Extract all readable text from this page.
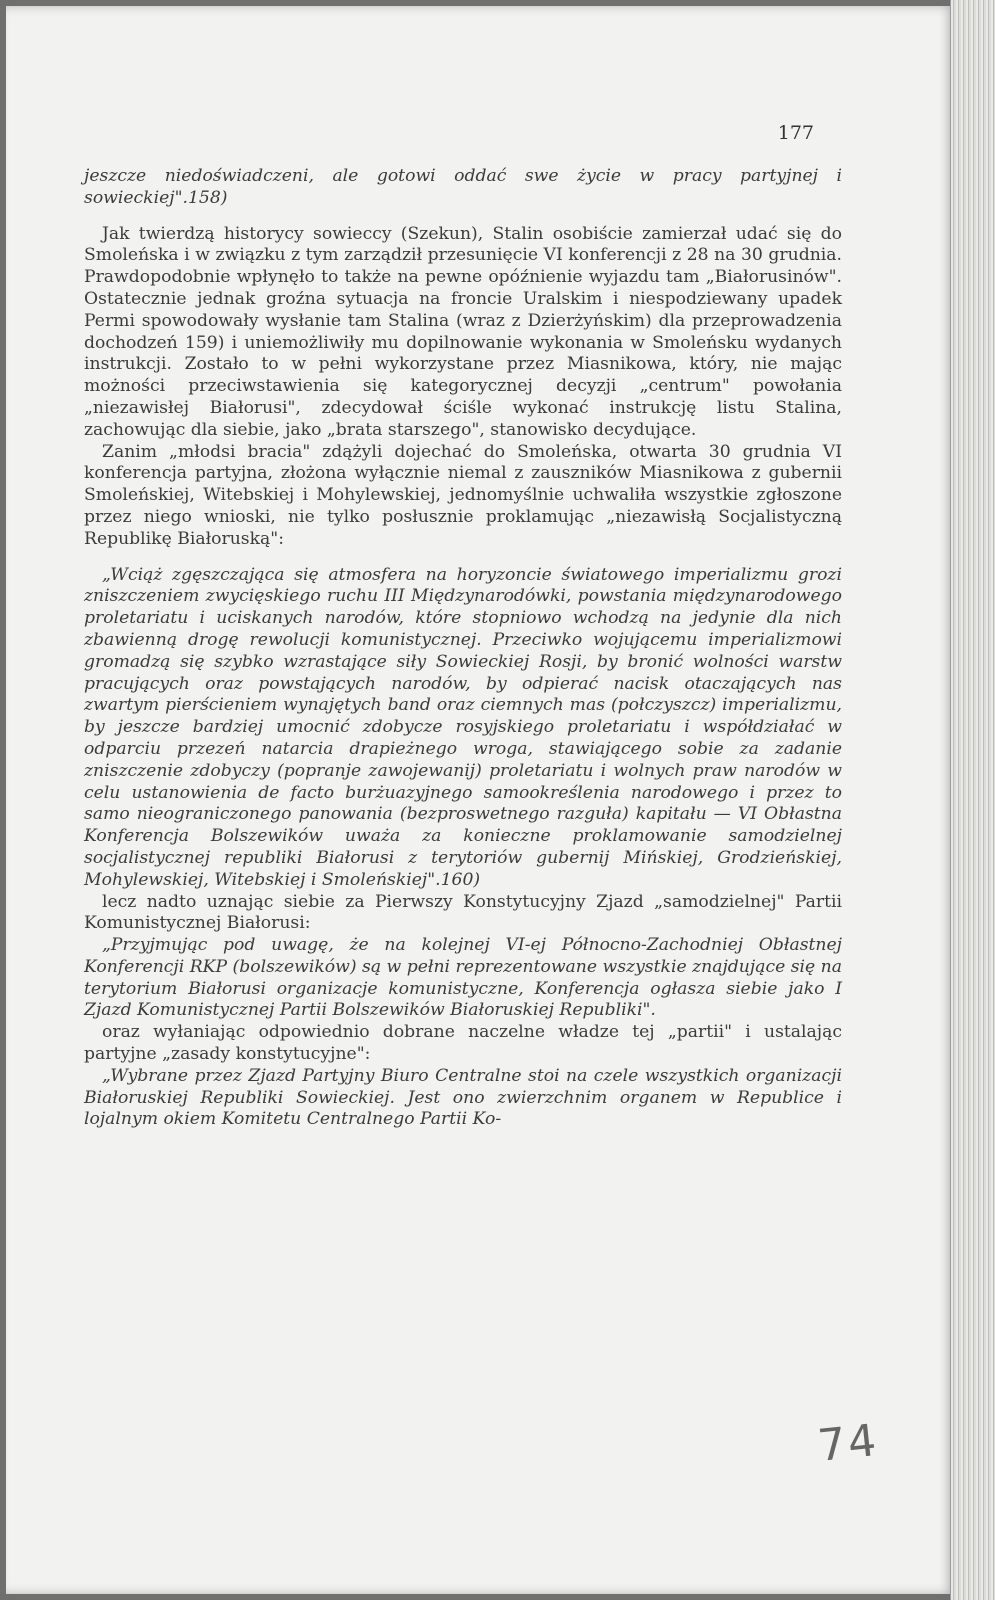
177

jeszcze niedoświadczeni, ale gotowi oddać swe życie w pracy partyjnej i sowieckiej".158)

Jak twierdzą historycy sowieccy (Szekun), Stalin osobiście zamierzał udać się do Smoleńska i w związku z tym zarządził przesunięcie VI konferencji z 28 na 30 grudnia. Prawdopodobnie wpłynęło to także na pewne opóźnienie wyjazdu tam „Białorusinów". Ostatecznie jednak groźna sytuacja na froncie Uralskim i niespodziewany upadek Permi spowodowały wysłanie tam Stalina (wraz z Dzierżyńskim) dla przeprowadzenia dochodzeń 159) i uniemożliwiły mu dopilnowanie wykonania w Smoleńsku wydanych instrukcji. Zostało to w pełni wykorzystane przez Miasnikowa, który, nie mając możności przeciwstawienia się kategorycznej decyzji „centrum" powołania „niezawisłej Białorusi", zdecydował ściśle wykonać instrukcję listu Stalina, zachowując dla siebie, jako „brata starszego", stanowisko decydujące.

Zanim „młodsi bracia" zdążyli dojechać do Smoleńska, otwarta 30 grudnia VI konferencja partyjna, złożona wyłącznie niemal z zauszników Miasnikowa z gubernii Smoleńskiej, Witebskiej i Mohylewskiej, jednomyślnie uchwaliła wszystkie zgłoszone przez niego wnioski, nie tylko posłusznie proklamując „niezawisłą Socjalistyczną Republikę Białoruską":

„Wciąż zgęszczająca się atmosfera na horyzoncie światowego imperializmu grozi zniszczeniem zwycięskiego ruchu III Międzynarodówki, powstania międzynarodowego proletariatu i uciskanych narodów, które stopniowo wchodzą na jedynie dla nich zbawienną drogę rewolucji komunistycznej. Przeciwko wojującemu imperializmowi gromadzą się szybko wzrastające siły Sowieckiej Rosji, by bronić wolności warstw pracujących oraz powstających narodów, by odpierać nacisk otaczających nas zwartym pierścieniem wynajętych band oraz ciemnych mas (połczyszcz) imperializmu, by jeszcze bardziej umocnić zdobycze rosyjskiego proletariatu i współdziałać w odparciu przezeń natarcia drapieżnego wroga, stawiającego sobie za zadanie zniszczenie zdobyczy (popranje zawojewanij) proletariatu i wolnych praw narodów w celu ustanowienia de facto burżuazyjnego samookreślenia narodowego i przez to samo nieograniczonego panowania (bezproswetnego razguła) kapitału — VI Obłastna Konferencja Bolszewików uważa za konieczne proklamowanie samodzielnej socjalistycznej republiki Białorusi z terytoriów gubernij Mińskiej, Grodzieńskiej, Mohylewskiej, Witebskiej i Smoleńskiej".160)

lecz nadto uznając siebie za Pierwszy Konstytucyjny Zjazd „samodzielnej" Partii Komunistycznej Białorusi:

„Przyjmując pod uwagę, że na kolejnej VI-ej Północno-Zachodniej Obłastnej Konferencji RKP (bolszewików) są w pełni reprezentowane wszystkie znajdujące się na terytorium Białorusi organizacje komunistyczne, Konferencja ogłasza siebie jako I Zjazd Komunistycznej Partii Bolszewików Białoruskiej Republiki".

oraz wyłaniając odpowiednio dobrane naczelne władze tej „partii" i ustalając partyjne „zasady konstytucyjne":

„Wybrane przez Zjazd Partyjny Biuro Centralne stoi na czele wszystkich organizacji Białoruskiej Republiki Sowieckiej. Jest ono zwierzchnim organem w Republice i lojalnym okiem Komitetu Centralnego Partii Ko-

74
